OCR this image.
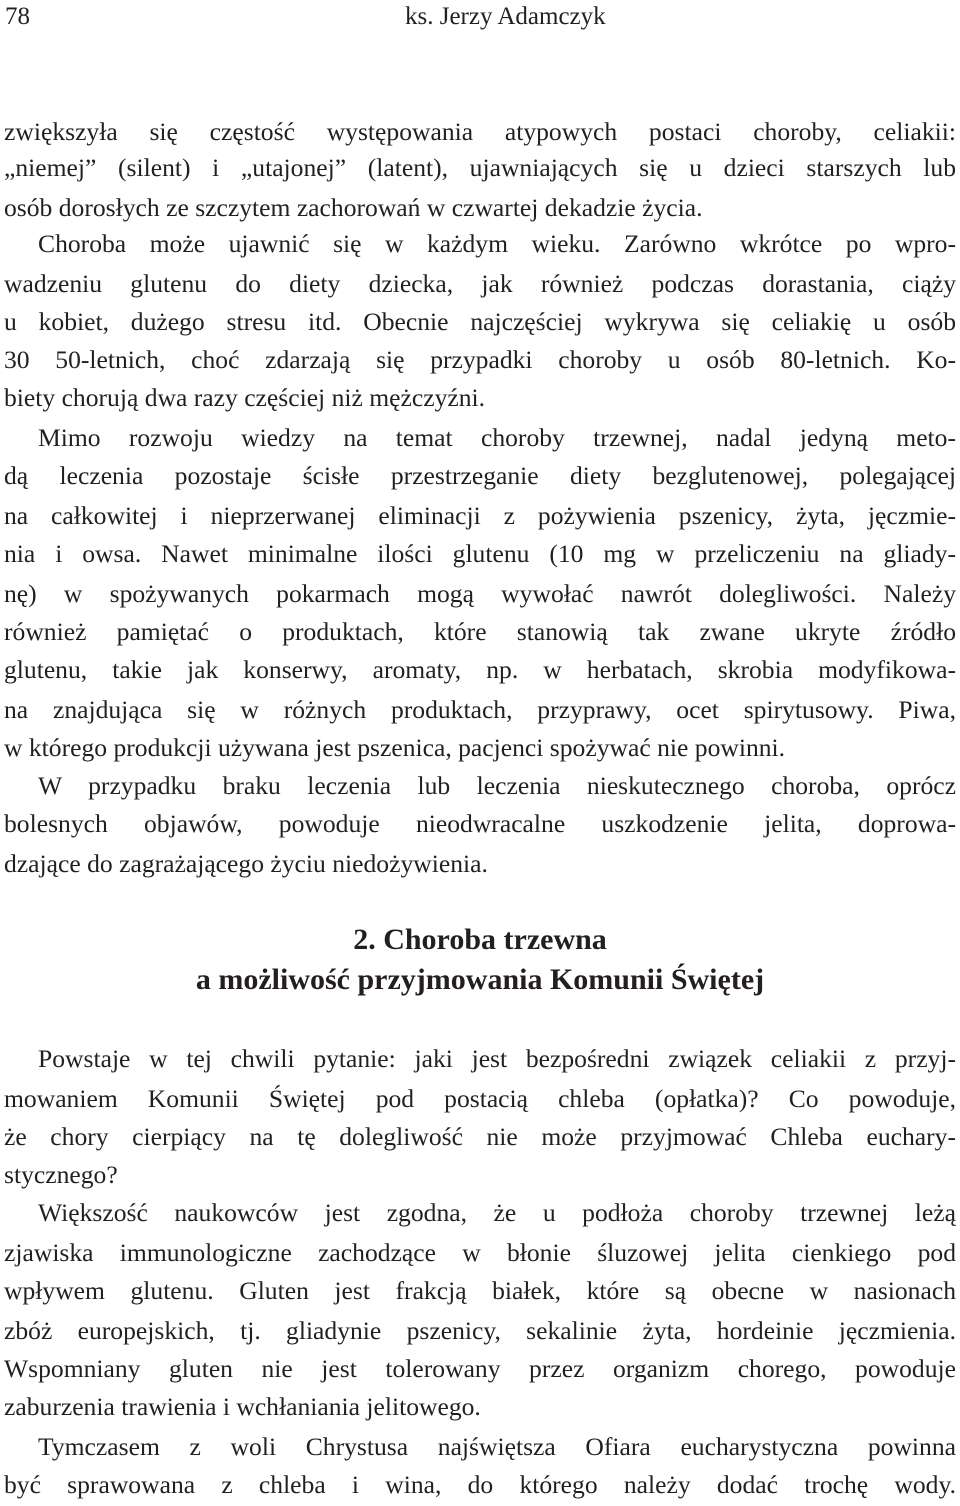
78	ks. Jerzy Adamczyk
zwiększyła się częstość występowania atypowych postaci choroby, celiakii:
„niemej” (silent) i „utajonej” (latent), ujawniających się u dzieci starszych lub
osób dorosłych ze szczytem zachorowań w czwartej dekadzie życia.
Choroba może ujawnić się w każdym wieku. Zarówno wkrótce po wpro-
wadzeniu glutenu do diety dziecka, jak również podczas dorastania, ciąży
u kobiet, dużego stresu itd. Obecnie najczęściej wykrywa się celiakię u osób
30 50-letnich, choć zdarzają się przypadki choroby u osób 80-letnich. Ko-
biety chorują dwa razy częściej niż mężczyźni.
Mimo rozwoju wiedzy na temat choroby trzewnej, nadal jedyną meto-
dą leczenia pozostaje ścisłe przestrzeganie diety bezglutenowej, polegającej
na całkowitej i nieprzerwanej eliminacji z pożywienia pszenicy, żyta, jęczmie-
nia i owsa. Nawet minimalne ilości glutenu (10 mg w przeliczeniu na gliady-
nę) w spożywanych pokarmach mogą wywołać nawrót dolegliwości. Należy
również pamiętać o produktach, które stanowią tak zwane ukryte źródło
glutenu, takie jak konserwy, aromaty, np. w herbatach, skrobia modyfikowa-
na znajdująca się w różnych produktach, przyprawy, ocet spirytusowy. Piwa,
w którego produkcji używana jest pszenica, pacjenci spożywać nie powinni.
W przypadku braku leczenia lub leczenia nieskutecznego choroba, oprócz
bolesnych objawów, powoduje nieodwracalne uszkodzenie jelita, doprowa-
dzające do zagrażającego życiu niedożywienia.
2. Choroba trzewna
a możliwość przyjmowania Komunii Świętej
Powstaje w tej chwili pytanie: jaki jest bezpośredni związek celiakii z przyj-
mowaniem Komunii Świętej pod postacią chleba (opłatka)? Co powoduje,
że chory cierpiący na tę dolegliwość nie może przyjmować Chleba euchary-
stycznego?
Większość naukowców jest zgodna, że u podłoża choroby trzewnej leżą
zjawiska immunologiczne zachodzące w błonie śluzowej jelita cienkiego pod
wpływem glutenu. Gluten jest frakcją białek, które są obecne w nasionach
zbóż europejskich, tj. gliadynie pszenicy, sekalinie żyta, hordeinie jęczmienia.
Wspomniany gluten nie jest tolerowany przez organizm chorego, powoduje
zaburzenia trawienia i wchłaniania jelitowego.
Tymczasem z woli Chrystusa najświętsza Ofiara eucharystyczna powinna
być sprawowana z chleba i wina, do którego należy dodać trochę wody.
